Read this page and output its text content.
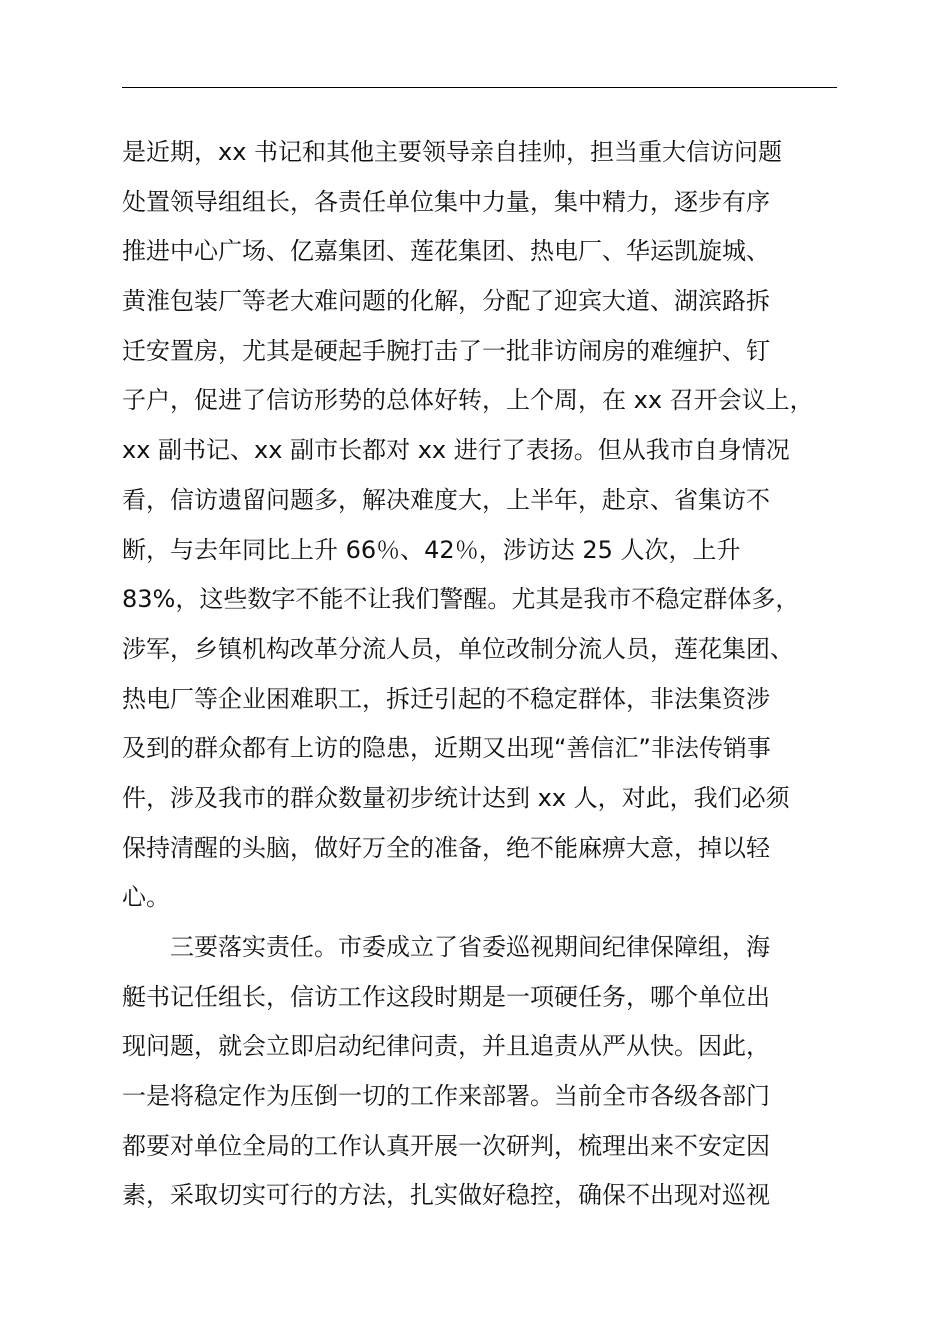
是近期，xx 书记和其他主要领导亲自挂帅，担当重大信访问题
处置领导组组长，各责任单位集中力量，集中精力，逐步有序
推进中心广场、亿嘉集团、莲花集团、热电厂、华运凯旋城、
黄淮包装厂等老大难问题的化解，分配了迎宾大道、湖滨路拆
迁安置房，尤其是硬起手腕打击了一批非访闹房的难缠护、钉
子户，促进了信访形势的总体好转，上个周，在 xx 召开会议上，
xx 副书记、xx 副市长都对 xx 进行了表扬。但从我市自身情况
看，信访遗留问题多，解决难度大，上半年，赴京、省集访不
断，与去年同比上升 66％、42％，涉访达 25 人次，上升
83%，这些数字不能不让我们警醒。尤其是我市不稳定群体多，
涉军，乡镇机构改革分流人员，单位改制分流人员，莲花集团、
热电厂等企业困难职工，拆迁引起的不稳定群体，非法集资涉
及到的群众都有上访的隐患，近期又出现“善信汇”非法传销事
件，涉及我市的群众数量初步统计达到 xx 人，对此，我们必须
保持清醒的头脑，做好万全的准备，绝不能麻痹大意，掉以轻
心。
　　三要落实责任。市委成立了省委巡视期间纪律保障组，海
艇书记任组长，信访工作这段时期是一项硬任务，哪个单位出
现问题，就会立即启动纪律问责，并且追责从严从快。因此，
一是将稳定作为压倒一切的工作来部署。当前全市各级各部门
都要对单位全局的工作认真开展一次研判，梳理出来不安定因
素，采取切实可行的方法，扎实做好稳控，确保不出现对巡视
